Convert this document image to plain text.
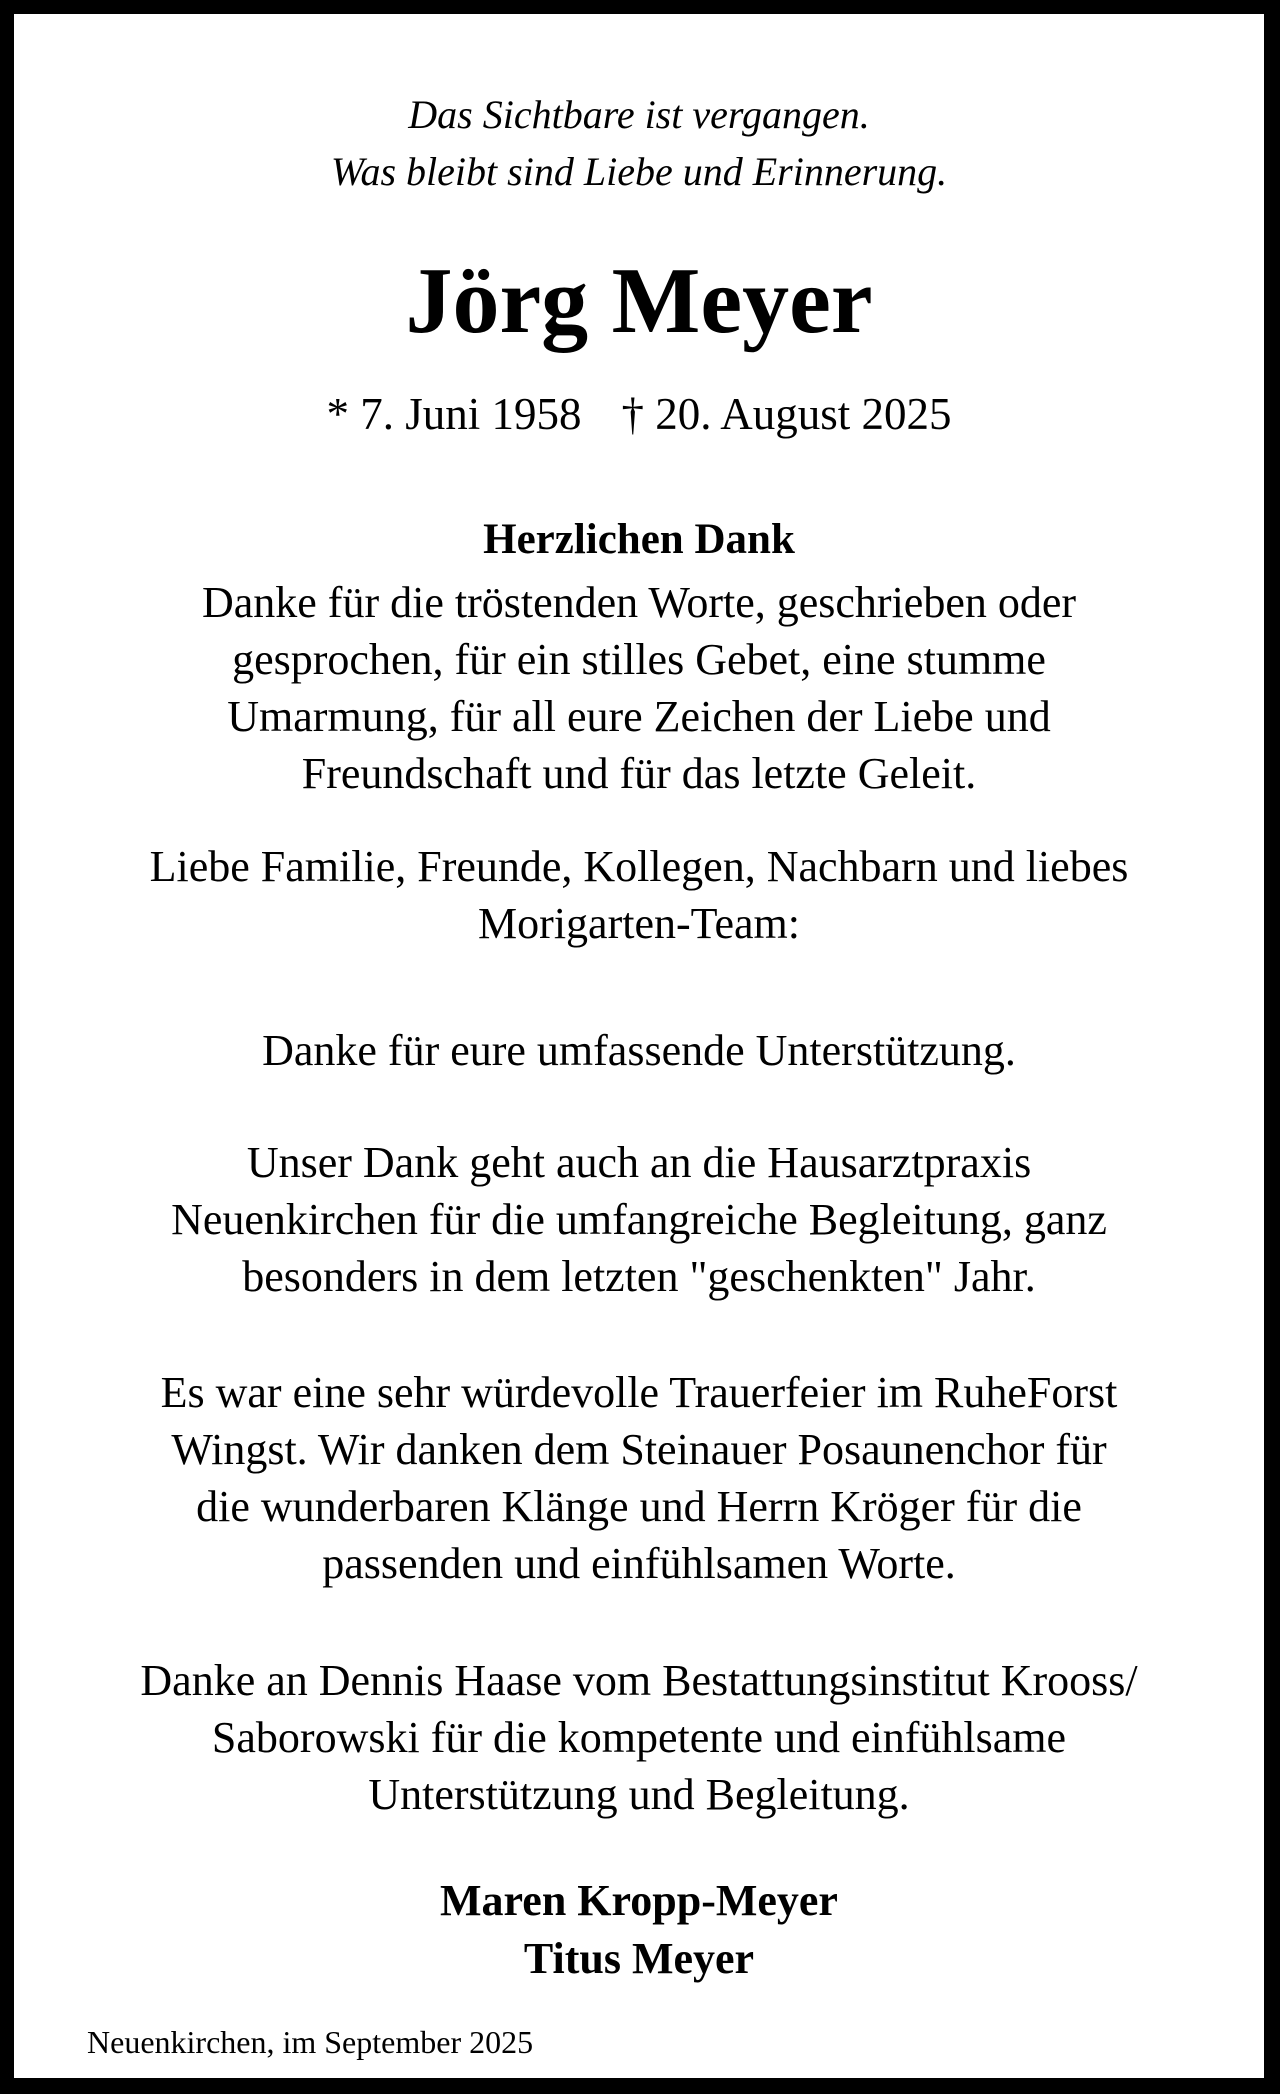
Das Sichtbare ist vergangen.
Was bleibt sind Liebe und Erinnerung.
Jörg Meyer
* 7. Juni 1958 † 20. August 2025
Herzlichen Dank
Danke für die tröstenden Worte, geschrieben oder
gesprochen, für ein stilles Gebet, eine stumme
Umarmung, für all eure Zeichen der Liebe und
Freundschaft und für das letzte Geleit.
Liebe Familie, Freunde, Kollegen, Nachbarn und liebes
Morigarten-Team:
Danke für eure umfassende Unterstützung.
Unser Dank geht auch an die Hausarztpraxis
Neuenkirchen für die umfangreiche Begleitung, ganz
besonders in dem letzten "geschenkten" Jahr.
Es war eine sehr würdevolle Trauerfeier im RuheForst
Wingst. Wir danken dem Steinauer Posaunenchor für
die wunderbaren Klänge und Herrn Kröger für die
passenden und einfühlsamen Worte.
Danke an Dennis Haase vom Bestattungsinstitut Krooss/
Saborowski für die kompetente und einfühlsame
Unterstützung und Begleitung.
Maren Kropp-Meyer
Titus Meyer
Neuenkirchen, im September 2025
